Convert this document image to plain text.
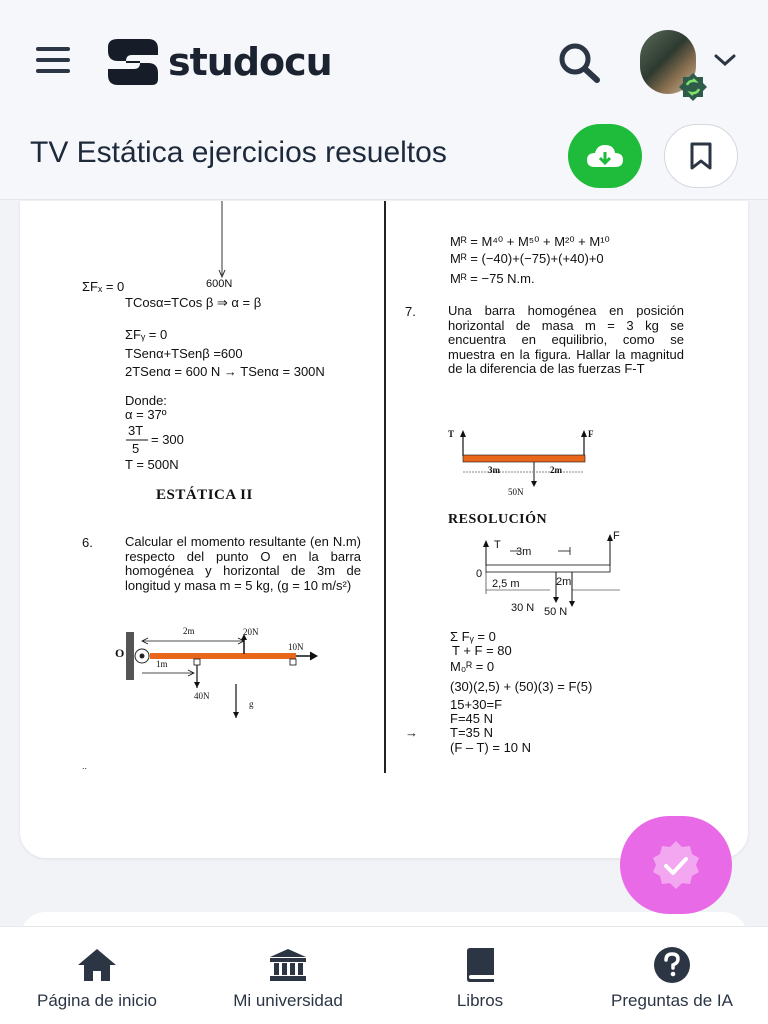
studocu
TV Estática ejercicios resueltos
600N
ΣFₓ = 0
TCosα=TCos β ⇒ α = β
ΣFᵧ = 0
TSenα+TSenβ =600
2TSenα = 600 N → TSenα = 300N
Donde:
α = 37º
3T
5
= 300
T = 500N
ESTÁTICA II
6. Calcular el momento resultante (en N.m) respecto del punto O en la barra homogénea y horizontal de 3m de longitud y masa m = 5 kg, (g = 10 m/s²)
O
2m
1m
20N
10N
40N
g
..
Mᴿ = M⁴⁰ + M⁵⁰ + M²⁰ + M¹⁰
Mᴿ = (−40)+(−75)+(+40)+0
Mᴿ = −75 N.m.
7. Una barra homogénea en posición horizontal de masa m = 3 kg se encuentra en equilibrio, como se muestra en la figura. Hallar la magnitud de la diferencia de las fuerzas F-T
T	F
3m	2m
50N
RESOLUCIÓN
T
F
3m
0
2,5 m	2m
30 N 50 N
Σ Fᵧ = 0
T + F = 80
M₀ᴿ = 0
(30)(2,5) + (50)(3) = F(5)
15+30=F
F=45 N
→ T=35 N
(F – T) = 10 N
Página de inicio	Mi universidad	Libros	Preguntas de IA
